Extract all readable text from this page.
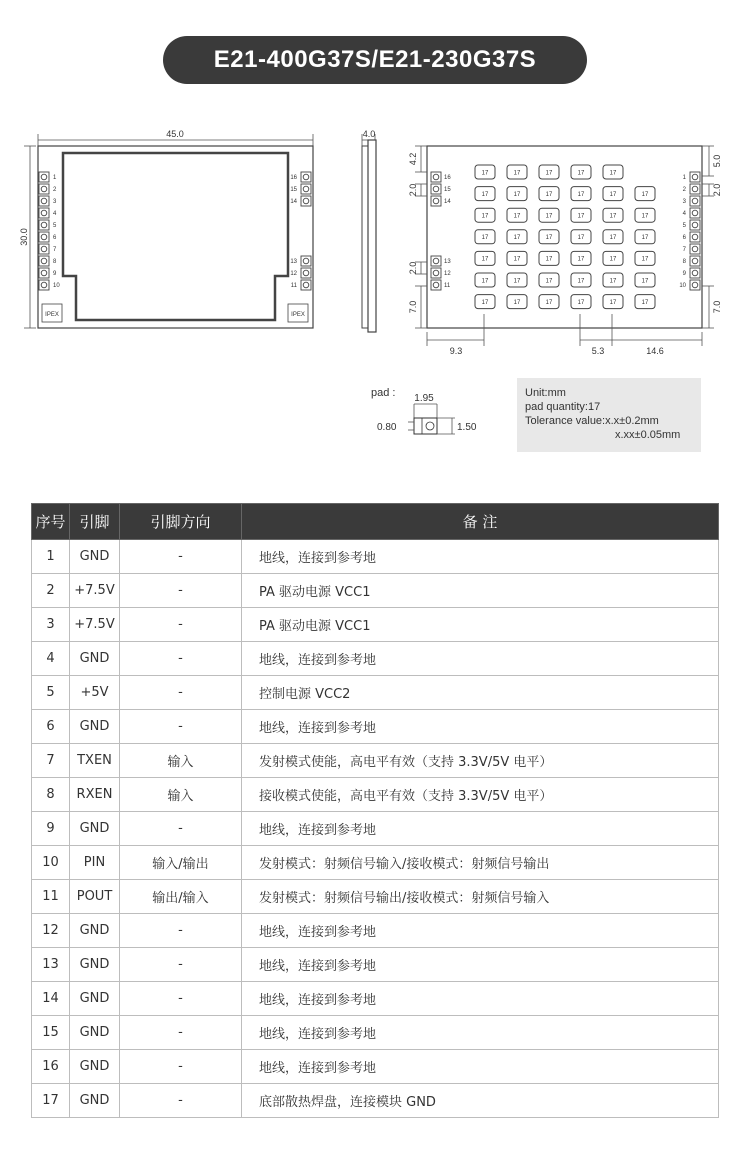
E21-400G37S/E21-230G37S
45.0
30.0
IPEX	IPEX
1
2
3
4
5
6
7
8
9
10
16
15
14
13
12
11
4.0
16
15
14
13
12
11
1
2
3
4
5
6
7
8
9
10
17	17	17	17	17
17	17	17	17	17	17
17	17	17	17	17	17
17	17	17	17	17	17
17	17	17	17	17	17
17	17	17	17	17	17
17	17	17	17	17	17
4.2
2.0
2.0
7.0
5.0
2.0
7.0
9.3	5.3	14.6
pad : 1.95
0.80	1.50
Unit:mm
pad quantity:17
Tolerance value:x.x±0.2mm
x.xx±0.05mm
序号	引脚	引脚方向	备 注
1	GND	-	地线，连接到参考地
2	+7.5V	-	PA 驱动电源 VCC1
3	+7.5V	-	PA 驱动电源 VCC1
4	GND	-	地线，连接到参考地
5	+5V	-	控制电源 VCC2
6	GND	-	地线，连接到参考地
7	TXEN	输入	发射模式使能，高电平有效（支持 3.3V/5V 电平）
8	RXEN	输入	接收模式使能，高电平有效（支持 3.3V/5V 电平）
9	GND	-	地线，连接到参考地
10	PIN	输入/输出	发射模式：射频信号输入/接收模式：射频信号输出
11	POUT	输出/输入	发射模式：射频信号输出/接收模式：射频信号输入
12	GND	-	地线，连接到参考地
13	GND	-	地线，连接到参考地
14	GND	-	地线，连接到参考地
15	GND	-	地线，连接到参考地
16	GND	-	地线，连接到参考地
17	GND	-	底部散热焊盘，连接模块 GND
